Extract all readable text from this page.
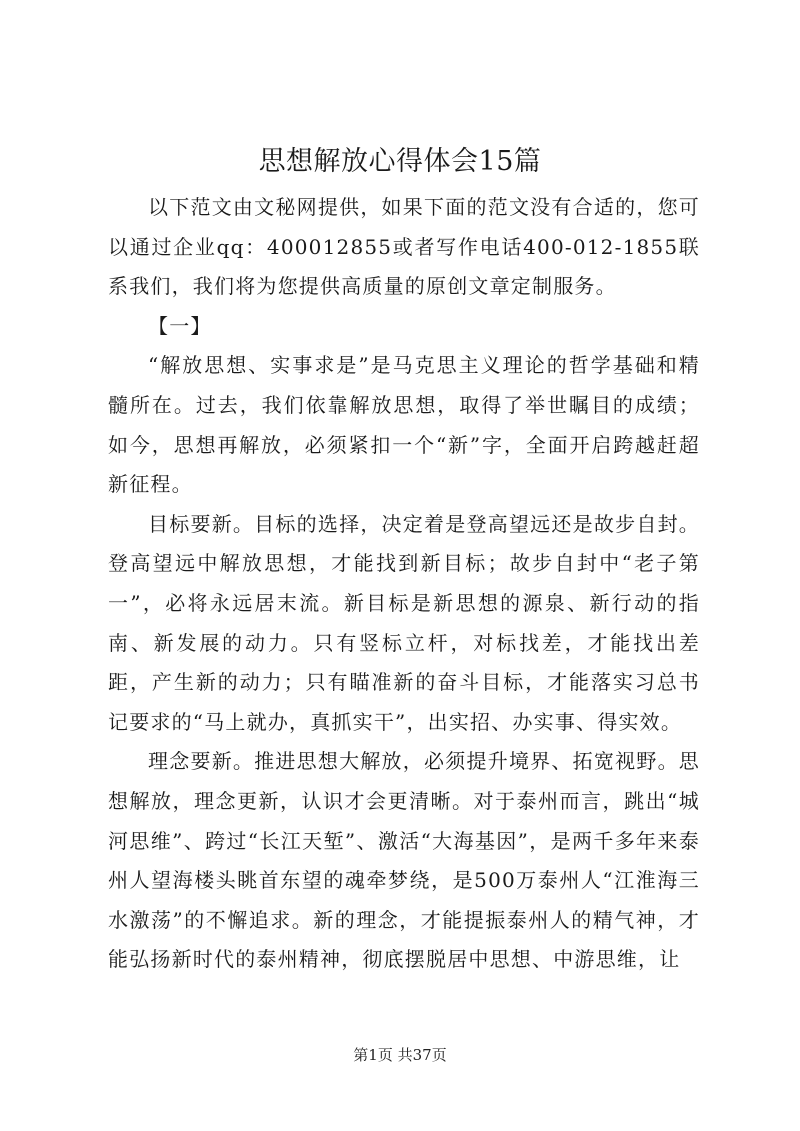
思想解放心得体会15篇

以下范文由文秘网提供，如果下面的范文没有合适的，您可以通过企业qq：400012855或者写作电话400-012-1855联系我们，我们将为您提供高质量的原创文章定制服务。

【一】

“解放思想、实事求是”是马克思主义理论的哲学基础和精髓所在。过去，我们依靠解放思想，取得了举世瞩目的成绩；如今，思想再解放，必须紧扣一个“新”字，全面开启跨越赶超新征程。

目标要新。目标的选择，决定着是登高望远还是故步自封。登高望远中解放思想，才能找到新目标；故步自封中“老子第一”，必将永远居末流。新目标是新思想的源泉、新行动的指南、新发展的动力。只有竖标立杆，对标找差，才能找出差距，产生新的动力；只有瞄准新的奋斗目标，才能落实习总书记要求的“马上就办，真抓实干”，出实招、办实事、得实效。

理念要新。推进思想大解放，必须提升境界、拓宽视野。思想解放，理念更新，认识才会更清晰。对于泰州而言，跳出“城河思维”、跨过“长江天堑”、激活“大海基因”，是两千多年来泰州人望海楼头眺首东望的魂牵梦绕，是500万泰州人“江淮海三水激荡”的不懈追求。新的理念，才能提振泰州人的精气神，才能弘扬新时代的泰州精神，彻底摆脱居中思想、中游思维，让

第1页 共37页
